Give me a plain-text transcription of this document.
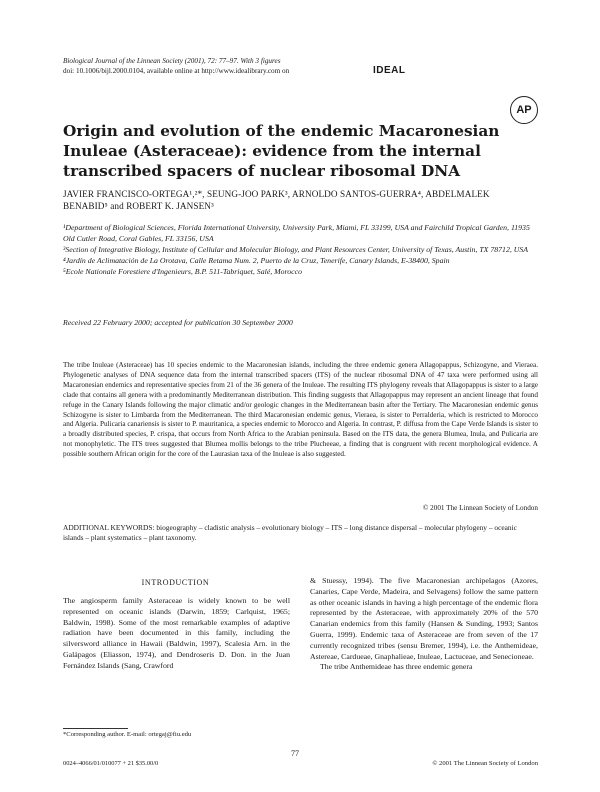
Biological Journal of the Linnean Society (2001), 72: 77–97. With 3 figures
doi: 10.1006/bijl.2000.0104, available online at http://www.idealibrary.com on	IDEAL
AP
Origin and evolution of the endemic Macaronesian Inuleae (Asteraceae): evidence from the internal transcribed spacers of nuclear ribosomal DNA
JAVIER FRANCISCO-ORTEGA¹,²*, SEUNG-JOO PARK³, ARNOLDO SANTOS-GUERRA⁴, ABDELMALEK BENABID⁵ and ROBERT K. JANSEN³

¹Department of Biological Sciences, Florida International University, University Park, Miami, FL 33199, USA and Fairchild Tropical Garden, 11935 Old Cutler Road, Coral Gables, FL 33156, USA

³Section of Integrative Biology, Institute of Cellular and Molecular Biology, and Plant Resources Center, University of Texas, Austin, TX 78712, USA

⁴Jardín de Aclimatación de La Orotava, Calle Retama Num. 2, Puerto de la Cruz, Tenerife, Canary Islands, E-38400, Spain

⁵Ecole Nationale Forestiere d'Ingenieurs, B.P. 511-Tabriquet, Salé, Morocco

Received 22 February 2000; accepted for publication 30 September 2000
The tribe Inuleae (Asteraceae) has 10 species endemic to the Macaronesian islands, including the three endemic genera Allagopappus, Schizogyne, and Vieraea. Phylogenetic analyses of DNA sequence data from the internal transcribed spacers (ITS) of the nuclear ribosomal DNA of 47 taxa were performed using all Macaronesian endemics and representative species from 21 of the 36 genera of the Inuleae. The resulting ITS phylogeny reveals that Allagopappus is sister to a large clade that contains all genera with a predominantly Mediterranean distribution. This finding suggests that Allagopappus may represent an ancient lineage that found refuge in the Canary Islands following the major climatic and/or geologic changes in the Mediterranean basin after the Tertiary. The Macaronesian endemic genus Schizogyne is sister to Limbarda from the Mediterranean. The third Macaronesian endemic genus, Vieraea, is sister to Perralderia, which is restricted to Morocco and Algeria. Pulicaria canariensis is sister to P. mauritanica, a species endemic to Morocco and Algeria. In contrast, P. diffusa from the Cape Verde Islands is sister to a broadly distributed species, P. crispa, that occurs from North Africa to the Arabian peninsula. Based on the ITS data, the genera Blumea, Inula, and Pulicaria are not monophyletic. The ITS trees suggested that Blumea mollis belongs to the tribe Plucheeae, a finding that is congruent with recent morphological evidence. A possible southern African origin for the core of the Laurasian taxa of the Inuleae is also suggested.
© 2001 The Linnean Society of London
ADDITIONAL KEYWORDS: biogeography – cladistic analysis – evolutionary biology – ITS – long distance dispersal – molecular phylogeny – oceanic islands – plant systematics – plant taxonomy.
INTRODUCTION
The angiosperm family Asteraceae is widely known to be well represented on oceanic islands (Darwin, 1859; Carlquist, 1965; Baldwin, 1998). Some of the most remarkable examples of adaptive radiation have been documented in this family, including the silversword alliance in Hawaii (Baldwin, 1997), Scalesia Arn. in the Galápagos (Eliasson, 1974), and Dendroseris D. Don. in the Juan Fernández Islands (Sang, Crawford

& Stuessy, 1994). The five Macaronesian archipelagos (Azores, Canaries, Cape Verde, Madeira, and Selvagens) follow the same pattern as other oceanic islands in having a high percentage of the endemic flora represented by the Asteraceae, with approximately 20% of the 570 Canarian endemics from this family (Hansen & Sunding, 1993; Santos Guerra, 1999). Endemic taxa of Asteraceae are from seven of the 17 currently recognized tribes (sensu Bremer, 1994), i.e. the Anthemideae, Astereae, Cardueae, Gnaphalieae, Inuleae, Lactuceae, and Senecioneae.

The tribe Anthemideae has three endemic genera

*Corresponding author. E-mail: ortegaj@fiu.edu
77
0024–4066/01/010077 + 21 $35.00/0	© 2001 The Linnean Society of London
